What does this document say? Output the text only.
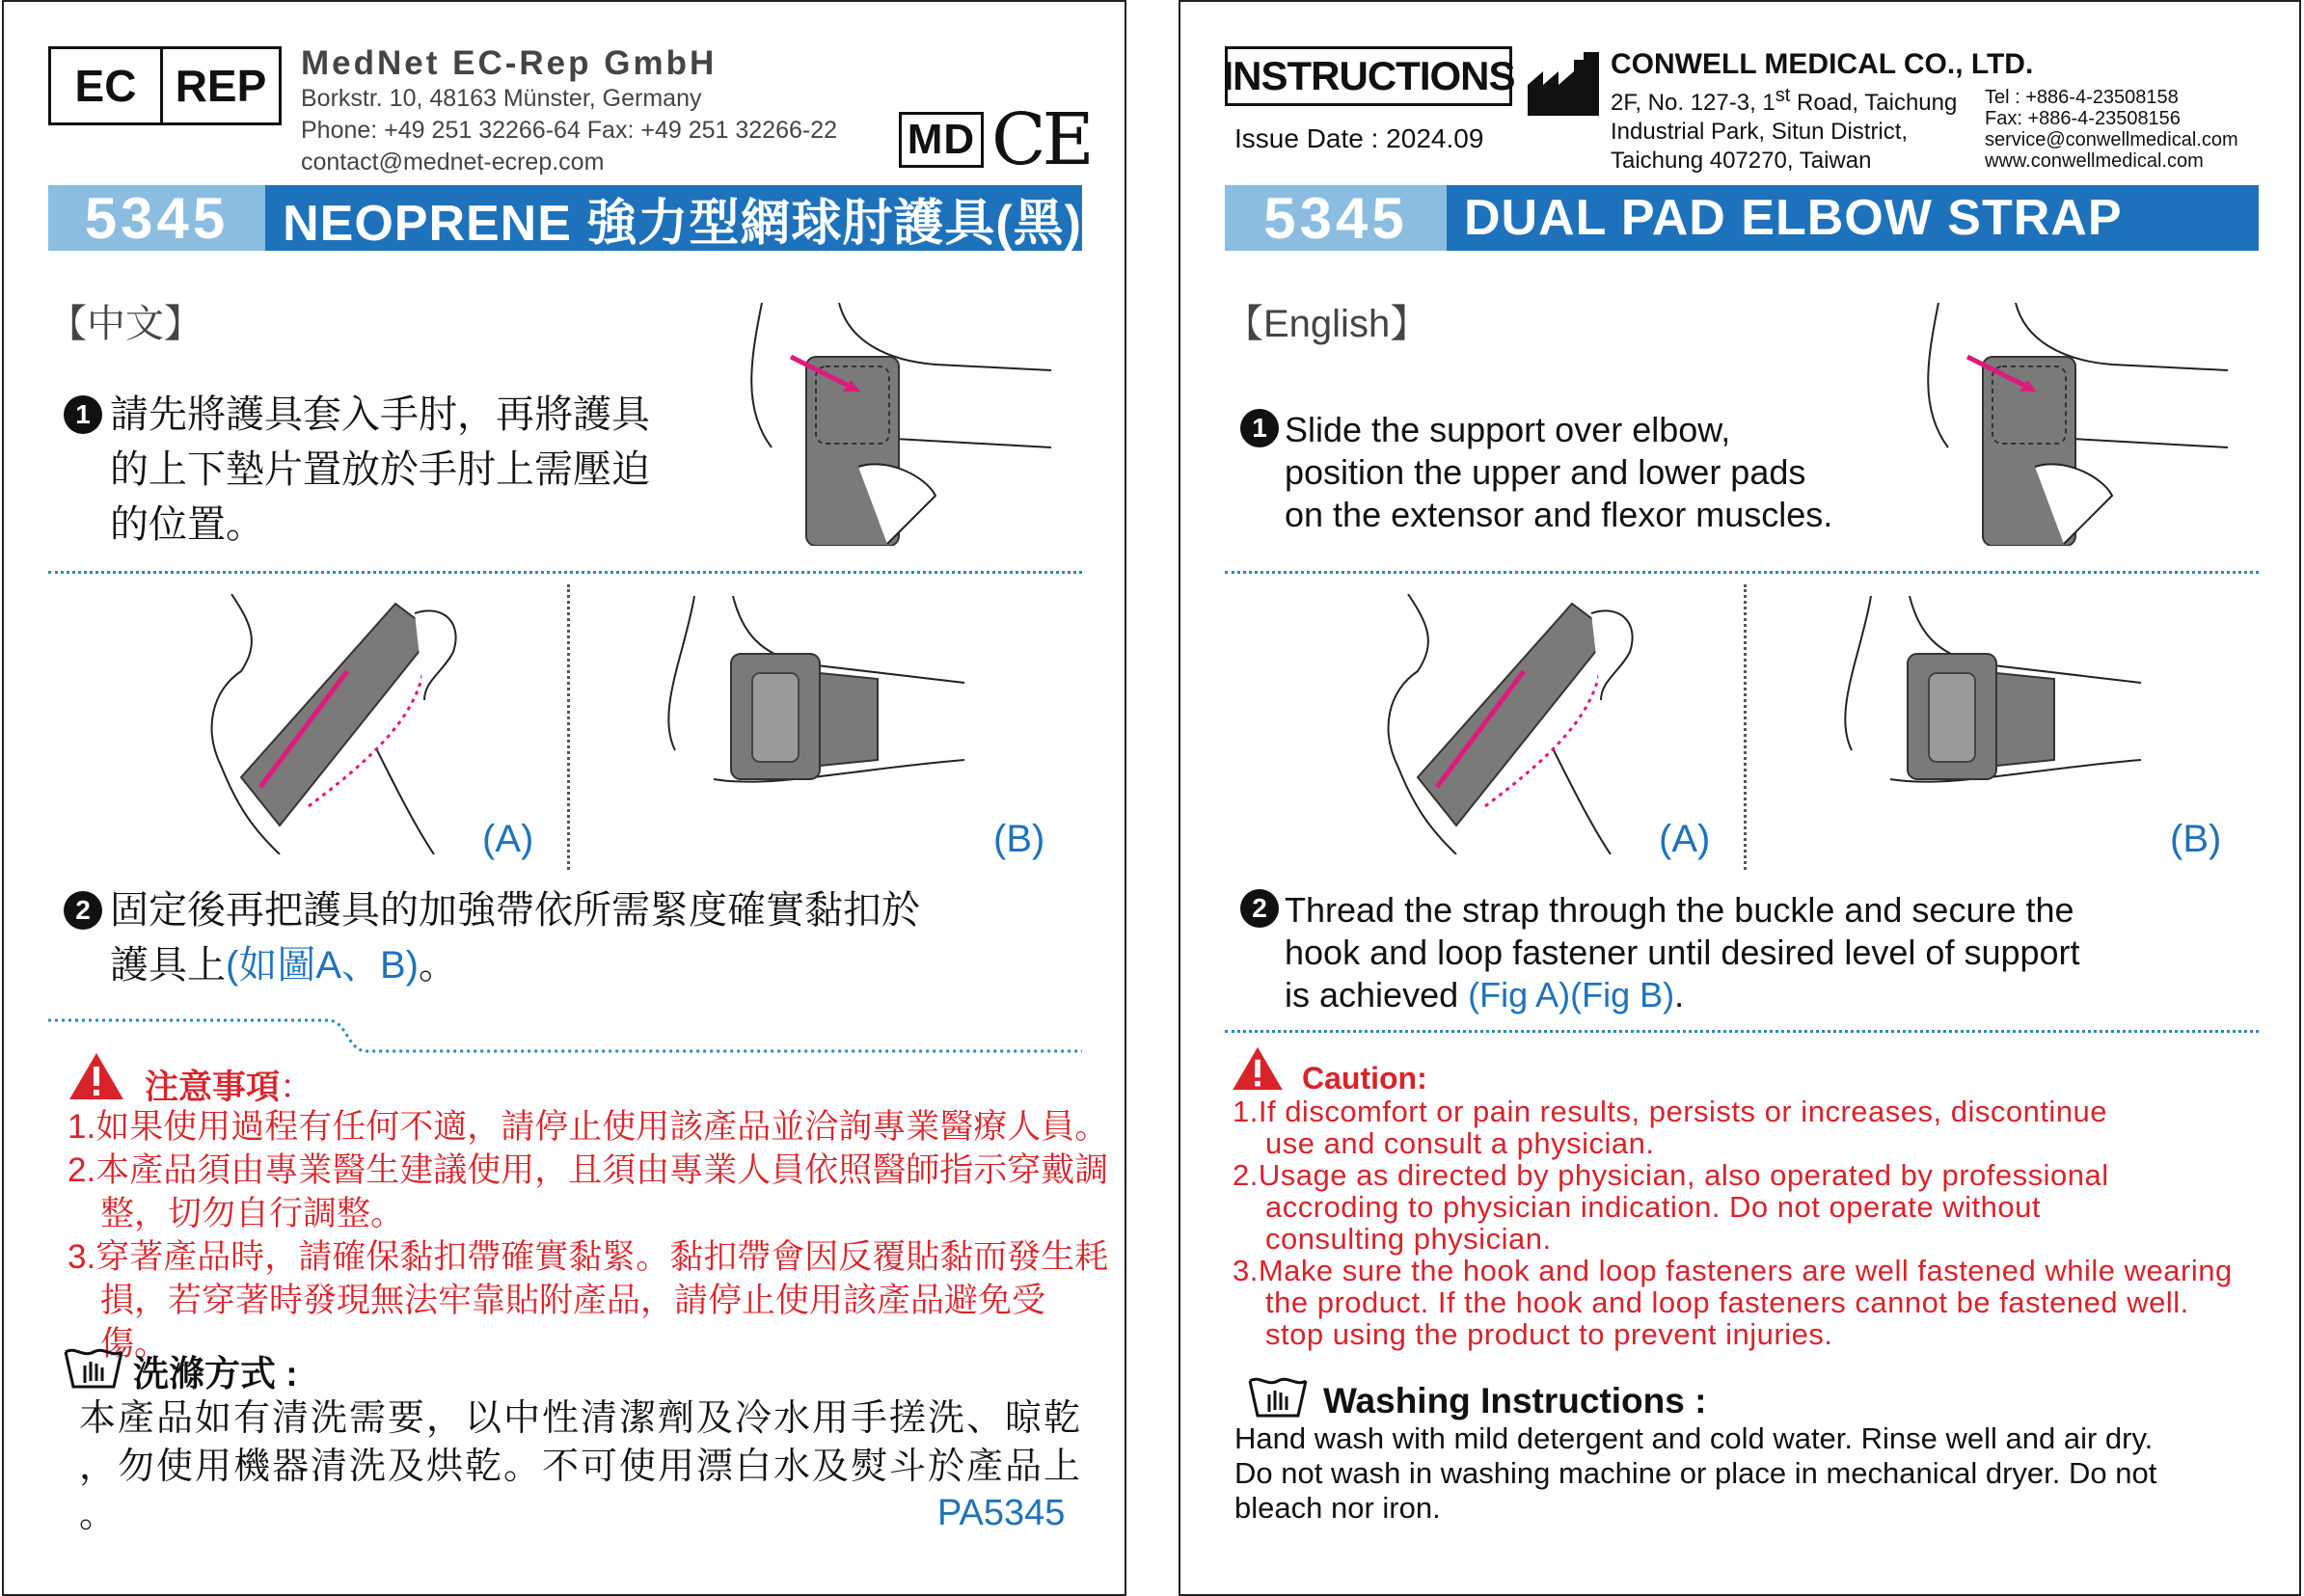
EC REP	MedNet EC-Rep GmbH
Borkstr. 10, 48163 Münster, Germany
Phone: +49 251 32266-64 Fax: +49 251 32266-22
contact@mednet-ecrep.com	MD CE
5345	NEOPRENE 強力型網球肘護具(黑)
【中文】
1 請先將護具套入手肘，再將護具
的上下墊片置放於手肘上需壓迫
的位置。
(A)	(B)
2 固定後再把護具的加強帶依所需緊度確實黏扣於
護具上(如圖A、B)。
注意事項：
1.如果使用過程有任何不適，請停止使用該產品並洽詢專業醫療人員。
2.本產品須由專業醫生建議使用，且須由專業人員依照醫師指示穿戴調
整，切勿自行調整。
3.穿著產品時，請確保黏扣帶確實黏緊。黏扣帶會因反覆貼黏而發生耗
損，若穿著時發現無法牢靠貼附產品，請停止使用該產品避免受傷。
洗滌方式 :
本產品如有清洗需要，以中性清潔劑及冷水用手搓洗、晾乾
，勿使用機器清洗及烘乾。不可使用漂白水及熨斗於產品上
。	PA5345
INSTRUCTIONS
Issue Date : 2024.09
CONWELL MEDICAL CO., LTD.
2F, No. 127-3, 1st Road, Taichung
Industrial Park, Situn District,
Taichung 407270, Taiwan
Tel : +886-4-23508158
Fax: +886-4-23508156
service@conwellmedical.com
www.conwellmedical.com
5345	DUAL PAD ELBOW STRAP
【English】
1 Slide the support over elbow,
position the upper and lower pads
on the extensor and flexor muscles.
(A)	(B)
2 Thread the strap through the buckle and secure the
hook and loop fastener until desired level of support
is achieved (Fig A)(Fig B).
Caution:
1.If discomfort or pain results, persists or increases, discontinue
use and consult a physician.
2.Usage as directed by physician, also operated by professional
accroding to physician indication. Do not operate without
consulting physician.
3.Make sure the hook and loop fasteners are well fastened while wearing
the product. If the hook and loop fasteners cannot be fastened well.
stop using the product to prevent injuries.
Washing Instructions :
Hand wash with mild detergent and cold water. Rinse well and air dry.
Do not wash in washing machine or place in mechanical dryer. Do not
bleach nor iron.
